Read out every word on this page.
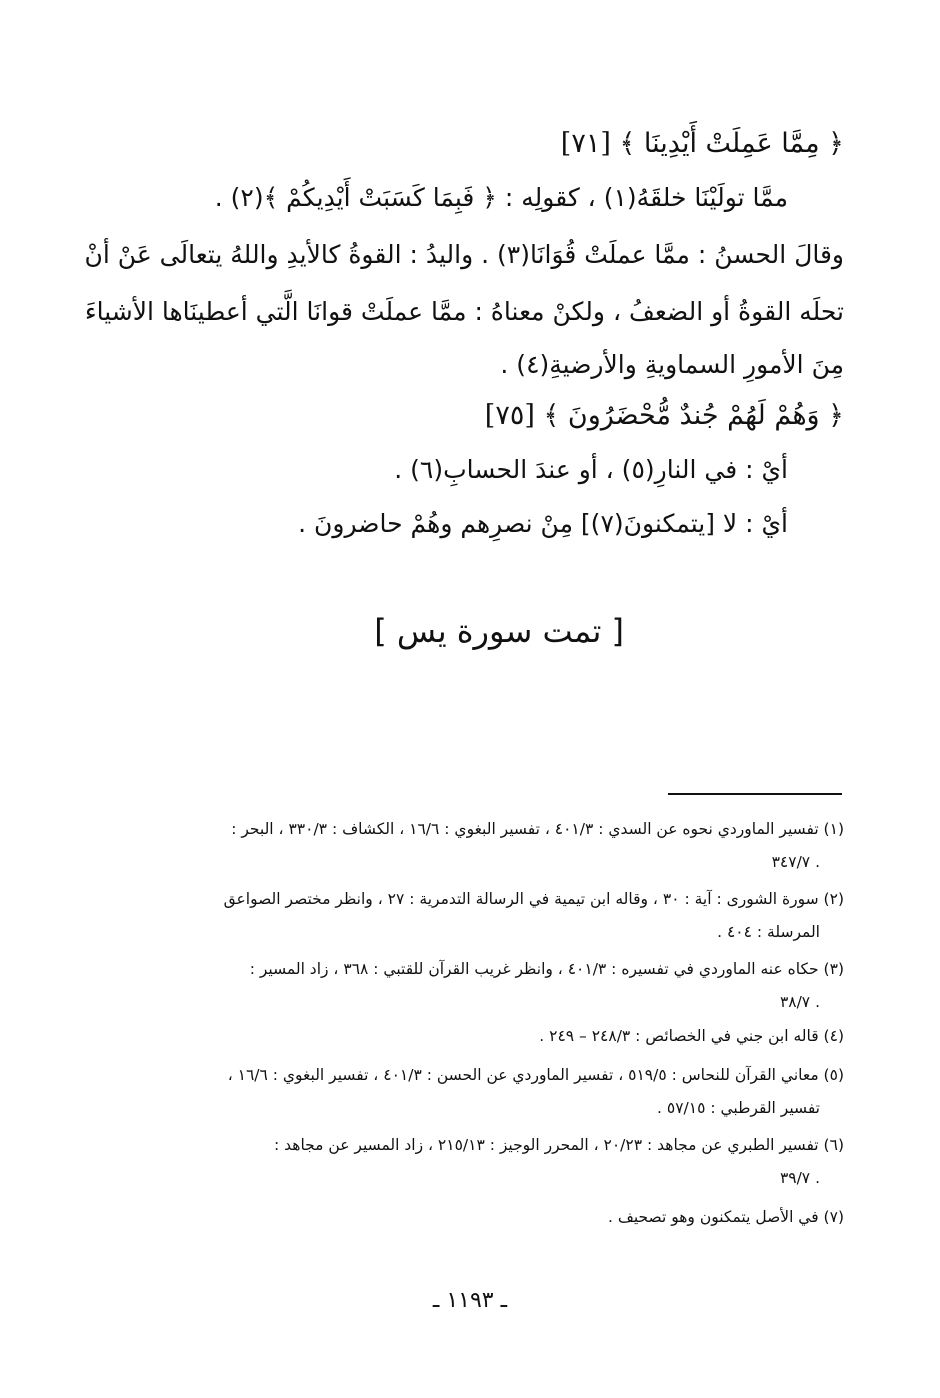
﴿ مِمَّا عَمِلَتْ أَيْدِينَا ﴾ [٧١]
ممَّا تولَيْنَا خلقَهُ(١) ، كقولِه : ﴿ فَبِمَا كَسَبَتْ أَيْدِيكُمْ ﴾(٢) .
وقالَ الحسنُ : ممَّا عملَتْ قُوَانَا(٣) . واليدُ : القوةُ كالأيدِ واللهُ يتعالَى عَنْ أنْ
تحلَه القوةُ أو الضعفُ ، ولكنْ معناهُ : ممَّا عملَتْ قوانَا الَّتي أعطينَاها الأشياءَ
مِنَ الأمورِ السماويةِ والأرضيةِ(٤) .
﴿ وَهُمْ لَهُمْ جُندٌ مُّحْضَرُونَ ﴾ [٧٥]
أيْ : في النارِ(٥) ، أو عندَ الحسابِ(٦) .
أيْ : لا [يتمكنونَ(٧)] مِنْ نصرِهم وهُمْ حاضرونَ .
[ تمت سورة يس ]
(١) تفسير الماوردي نحوه عن السدي : ٤٠١/٣ ، تفسير البغوي : ١٦/٦ ، الكشاف : ٣٣٠/٣ ، البحر :
٣٤٧/٧ .
(٢) سورة الشورى : آية : ٣٠ ، وقاله ابن تيمية في الرسالة التدمرية : ٢٧ ، وانظر مختصر الصواعق
المرسلة : ٤٠٤ .
(٣) حكاه عنه الماوردي في تفسيره : ٤٠١/٣ ، وانظر غريب القرآن للقتبي : ٣٦٨ ، زاد المسير :
٣٨/٧ .
(٤) قاله ابن جني في الخصائص : ٢٤٨/٣ – ٢٤٩ .
(٥) معاني القرآن للنحاس : ٥١٩/٥ ، تفسير الماوردي عن الحسن : ٤٠١/٣ ، تفسير البغوي : ١٦/٦ ،
تفسير القرطبي : ٥٧/١٥ .
(٦) تفسير الطبري عن مجاهد : ٢٠/٢٣ ، المحرر الوجيز : ٢١٥/١٣ ، زاد المسير عن مجاهد :
٣٩/٧ .
(٧) في الأصل يتمكنون وهو تصحيف .
ـ ١١٩٣ ـ
